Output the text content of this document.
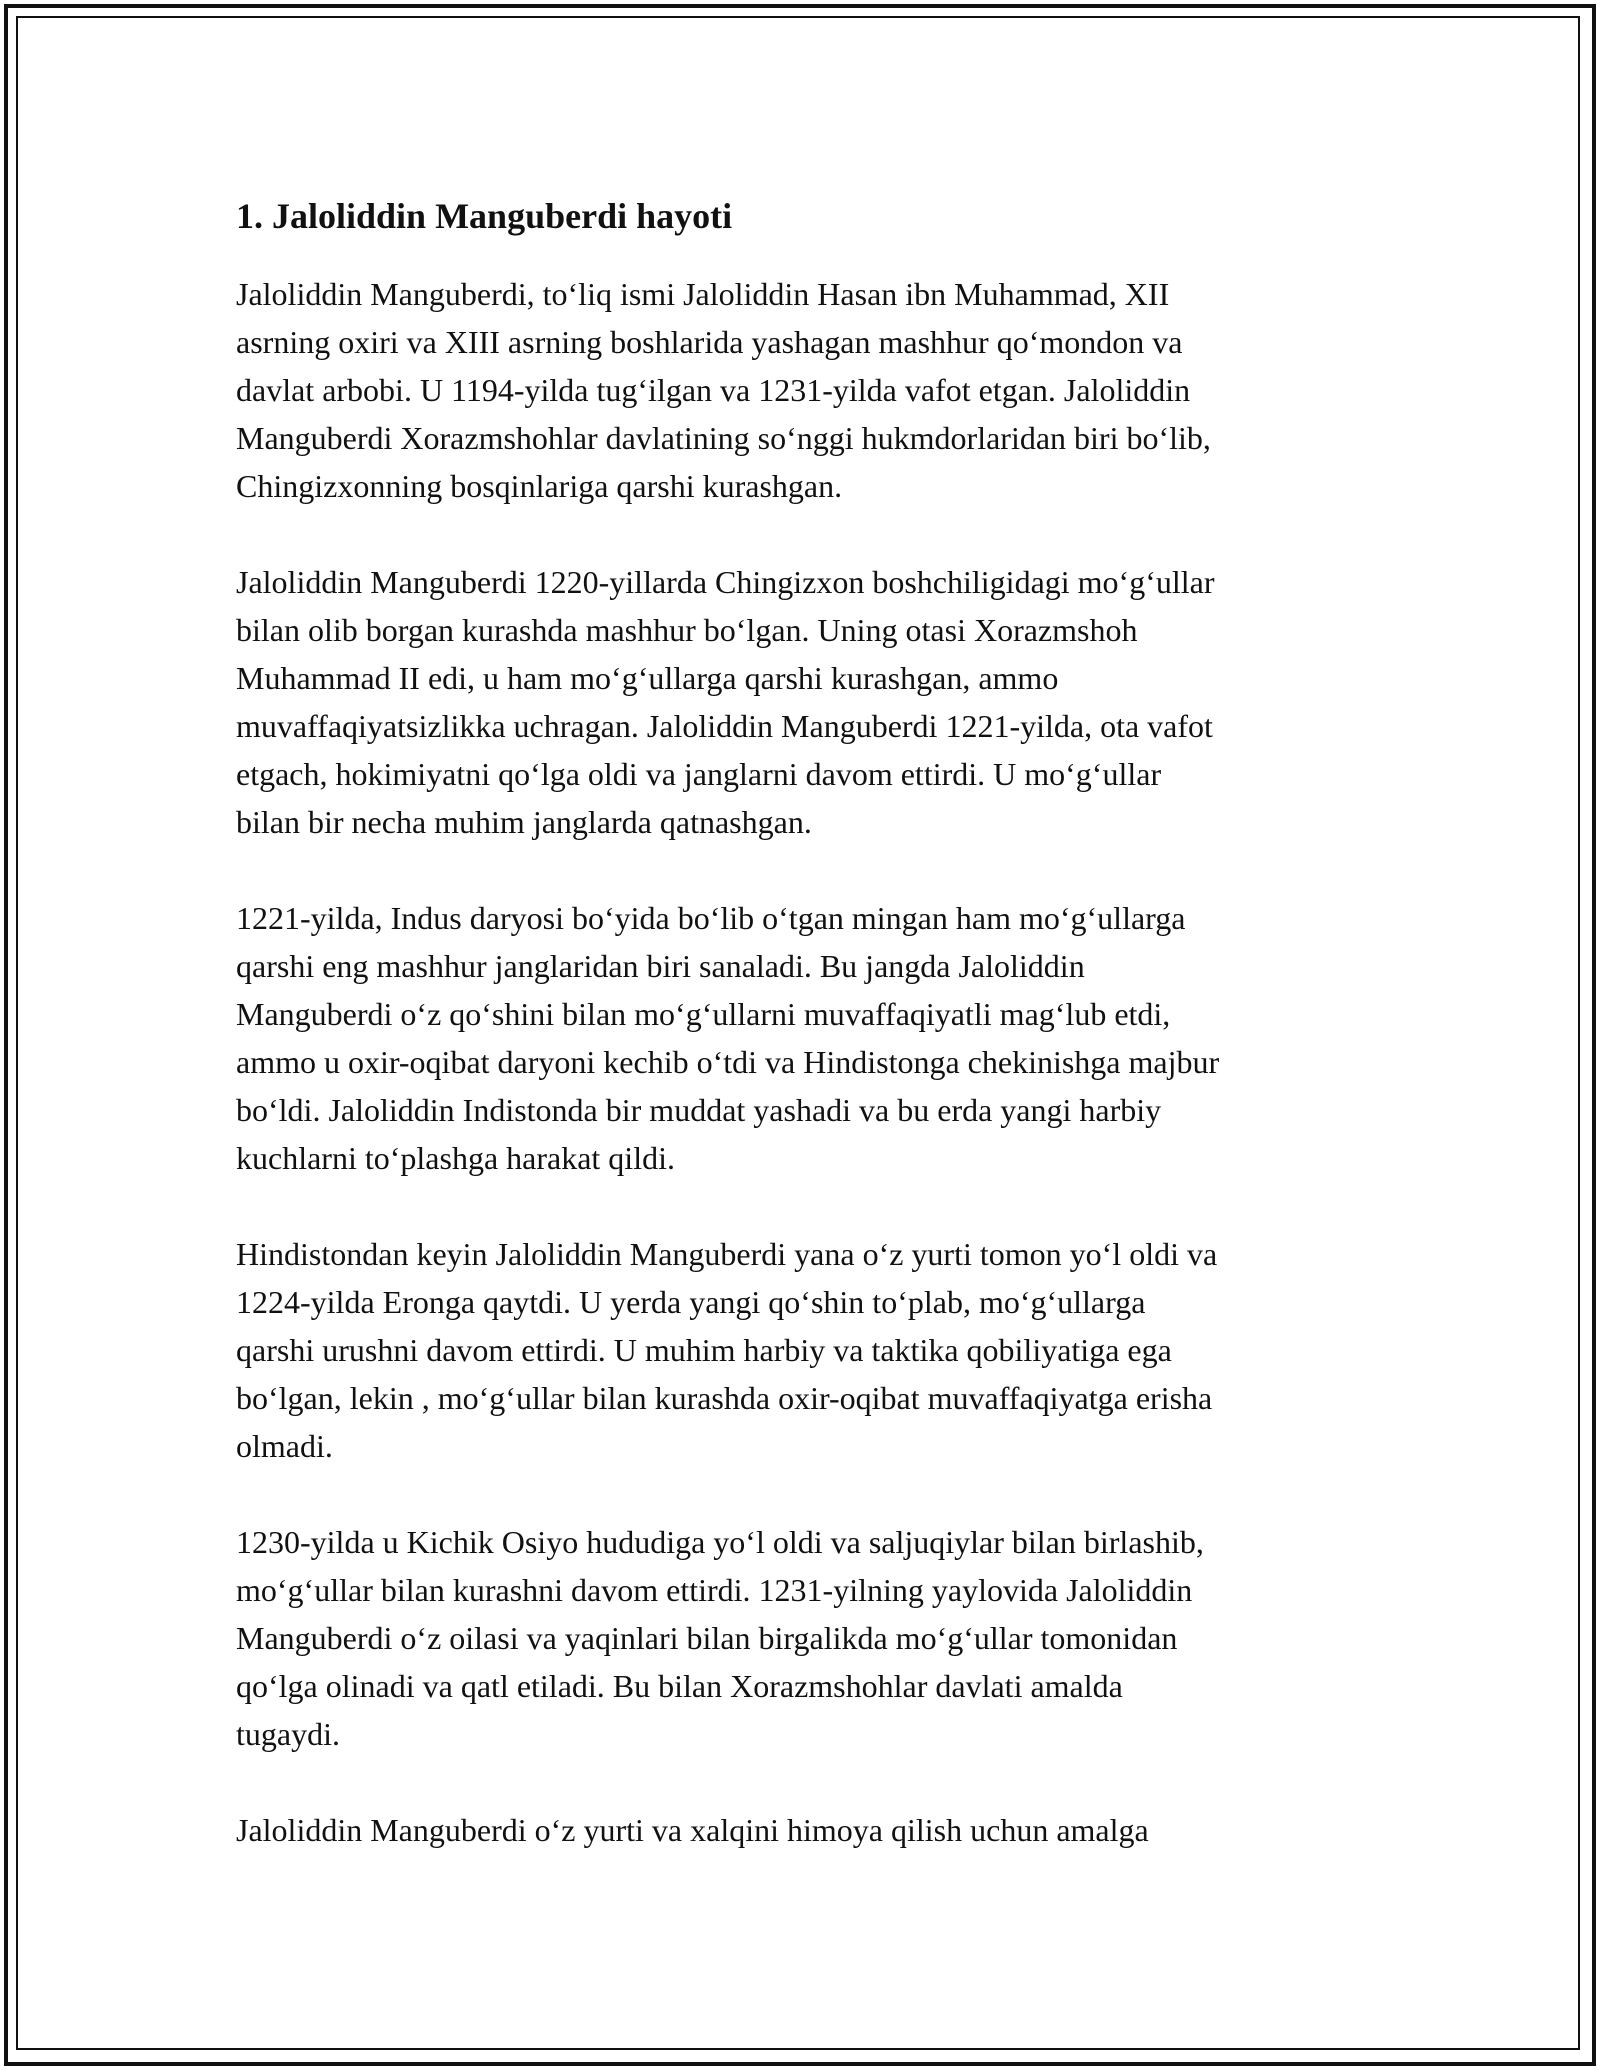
1. Jaloliddin Manguberdi hayoti

Jaloliddin Manguberdi, to‘liq ismi Jaloliddin Hasan ibn Muhammad, XII
asrning oxiri va XIII asrning boshlarida yashagan mashhur qo‘mondon va
davlat arbobi. U 1194-yilda tug‘ilgan va 1231-yilda vafot etgan. Jaloliddin
Manguberdi Xorazmshohlar davlatining so‘nggi hukmdorlaridan biri bo‘lib,
Chingizxonning bosqinlariga qarshi kurashgan.

Jaloliddin Manguberdi 1220-yillarda Chingizxon boshchiligidagi mo‘g‘ullar
bilan olib borgan kurashda mashhur bo‘lgan. Uning otasi Xorazmshoh
Muhammad II edi, u ham mo‘g‘ullarga qarshi kurashgan, ammo
muvaffaqiyatsizlikka uchragan. Jaloliddin Manguberdi 1221-yilda, ota vafot
etgach, hokimiyatni qo‘lga oldi va janglarni davom ettirdi. U mo‘g‘ullar
bilan bir necha muhim janglarda qatnashgan.

1221-yilda, Indus daryosi bo‘yida bo‘lib o‘tgan mingan ham mo‘g‘ullarga
qarshi eng mashhur janglaridan biri sanaladi. Bu jangda Jaloliddin
Manguberdi o‘z qo‘shini bilan mo‘g‘ullarni muvaffaqiyatli mag‘lub etdi,
ammo u oxir-oqibat daryoni kechib o‘tdi va Hindistonga chekinishga majbur
bo‘ldi. Jaloliddin Indistonda bir muddat yashadi va bu erda yangi harbiy
kuchlarni to‘plashga harakat qildi.

Hindistondan keyin Jaloliddin Manguberdi yana o‘z yurti tomon yo‘l oldi va
1224-yilda Eronga qaytdi. U yerda yangi qo‘shin to‘plab, mo‘g‘ullarga
qarshi urushni davom ettirdi. U muhim harbiy va taktika qobiliyatiga ega
bo‘lgan, lekin , mo‘g‘ullar bilan kurashda oxir-oqibat muvaffaqiyatga erisha
olmadi.

1230-yilda u Kichik Osiyo hududiga yo‘l oldi va saljuqiylar bilan birlashib,
mo‘g‘ullar bilan kurashni davom ettirdi. 1231-yilning yaylovida Jaloliddin
Manguberdi o‘z oilasi va yaqinlari bilan birgalikda mo‘g‘ullar tomonidan
qo‘lga olinadi va qatl etiladi. Bu bilan Xorazmshohlar davlati amalda
tugaydi.

Jaloliddin Manguberdi o‘z yurti va xalqini himoya qilish uchun amalga
